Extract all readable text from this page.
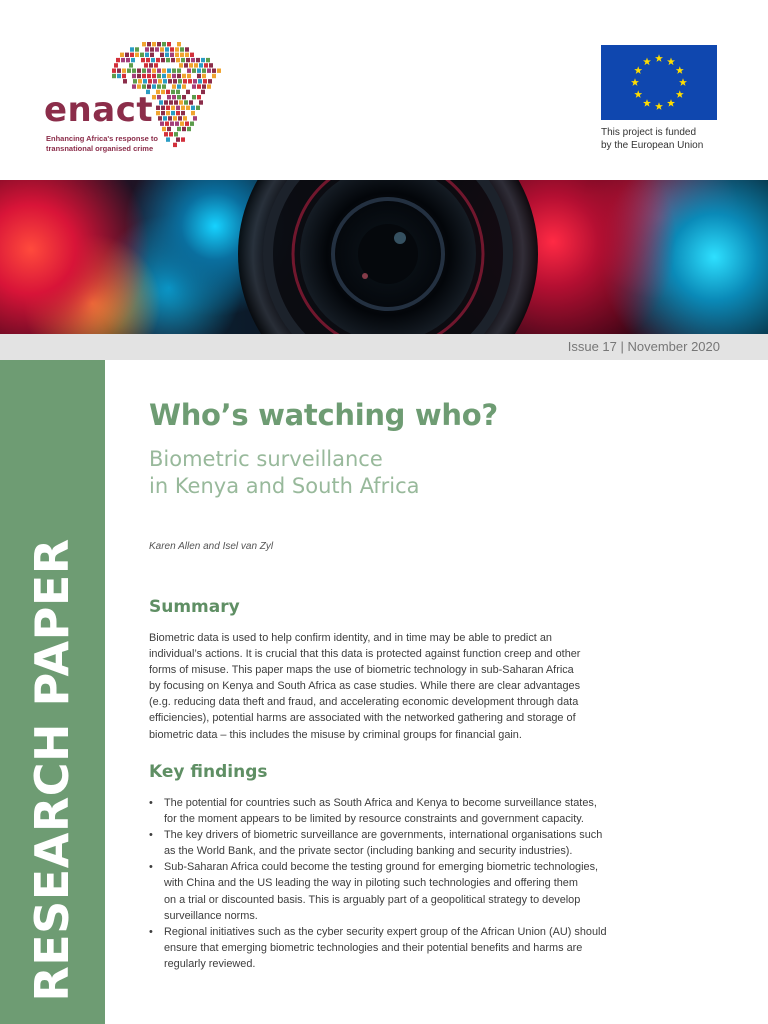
enact
Enhancing Africa's response to
transnational organised crime
This project is funded
by the European Union
Issue 17 | November 2020
RESEARCH PAPER
Who’s watching who?
Biometric surveillance
in Kenya and South Africa
Karen Allen and Isel van Zyl
Summary
Biometric data is used to help confirm identity, and in time may be able to predict an
individual’s actions. It is crucial that this data is protected against function creep and other
forms of misuse. This paper maps the use of biometric technology in sub-Saharan Africa
by focusing on Kenya and South Africa as case studies. While there are clear advantages
(e.g. reducing data theft and fraud, and accelerating economic development through data
efficiencies), potential harms are associated with the networked gathering and storage of
biometric data – this includes the misuse by criminal groups for financial gain.
Key findings
• The potential for countries such as South Africa and Kenya to become surveillance states,
for the moment appears to be limited by resource constraints and government capacity.
• The key drivers of biometric surveillance are governments, international organisations such
as the World Bank, and the private sector (including banking and security industries).
• Sub-Saharan Africa could become the testing ground for emerging biometric technologies,
with China and the US leading the way in piloting such technologies and offering them
on a trial or discounted basis. This is arguably part of a geopolitical strategy to develop
surveillance norms.
• Regional initiatives such as the cyber security expert group of the African Union (AU) should
ensure that emerging biometric technologies and their potential benefits and harms are
regularly reviewed.
